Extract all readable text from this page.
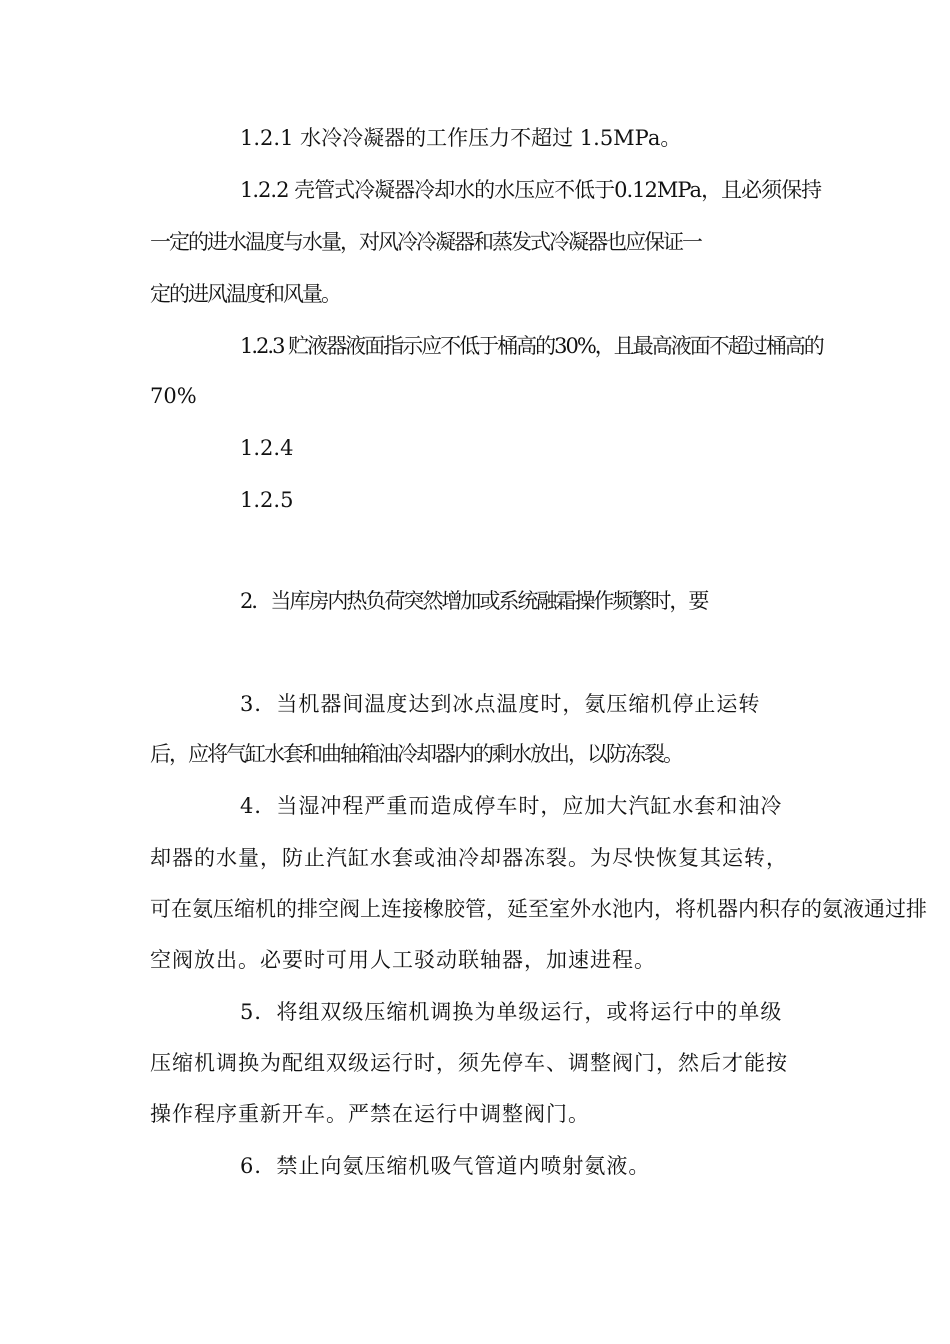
1.2.1 水冷冷凝器的工作压力不超过 1.5MPa。
1.2.2 壳管式冷凝器冷却水的水压应不低于0.12MPa，且必须保持
一定的进水温度与水量，对风冷冷凝器和蒸发式冷凝器也应保证一
定的进风温度和风量。
1.2.3 贮液器液面指示应不低于桶高的30%，且最高液面不超过桶高的
70%
1.2.4
1.2.5
2．当库房内热负荷突然增加或系统融霜操作频繁时，要
3．当机器间温度达到冰点温度时，氨压缩机停止运转
后，应将气缸水套和曲轴箱油冷却器内的剩水放出，以防冻裂。
4．当湿冲程严重而造成停车时，应加大汽缸水套和油冷
却器的水量，防止汽缸水套或油冷却器冻裂。为尽快恢复其运转，
可在氨压缩机的排空阀上连接橡胶管，延至室外水池内，将机器内积存的氨液通过排
空阀放出。必要时可用人工驳动联轴器，加速进程。
5．将组双级压缩机调换为单级运行，或将运行中的单级
压缩机调换为配组双级运行时，须先停车、调整阀门，然后才能按
操作程序重新开车。严禁在运行中调整阀门。
6．禁止向氨压缩机吸气管道内喷射氨液。
